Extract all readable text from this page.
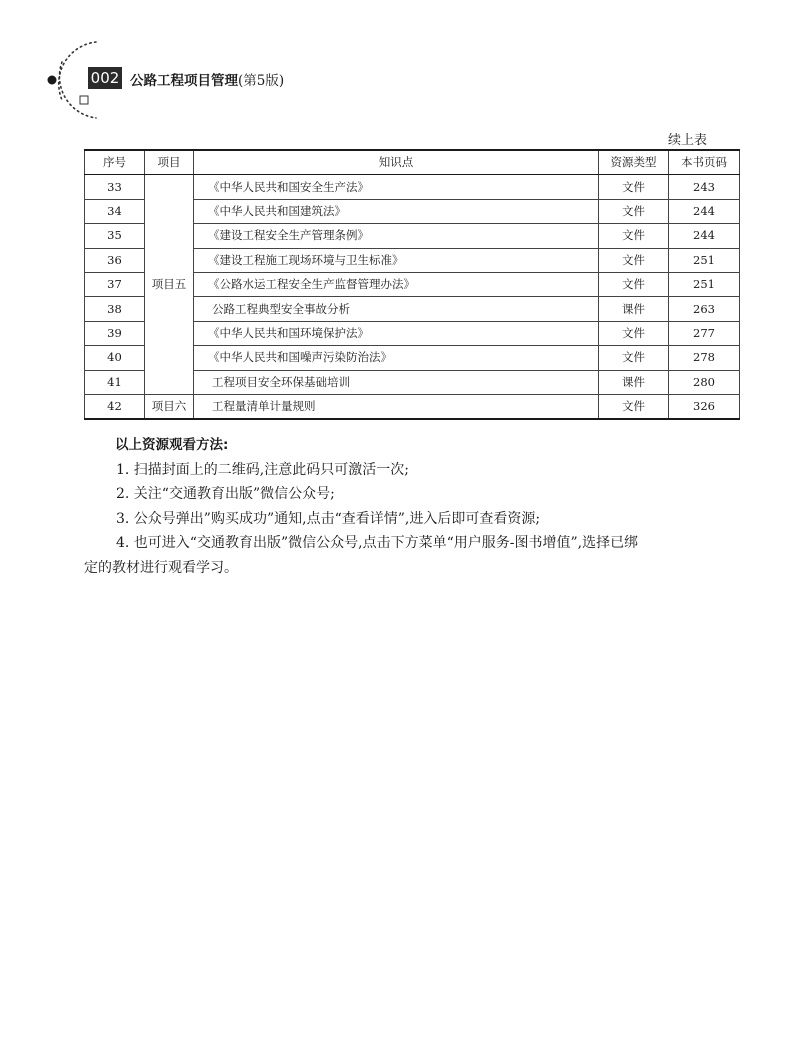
002 公路工程项目管理(第5版)
续上表
序号	项目	知识点	资源类型	本书页码
33	项目五	《中华人民共和国安全生产法》	文件	243
34		《中华人民共和国建筑法》	文件	244
35		《建设工程安全生产管理条例》	文件	244
36		《建设工程施工现场环境与卫生标准》	文件	251
37		《公路水运工程安全生产监督管理办法》	文件	251
38		公路工程典型安全事故分析	课件	263
39		《中华人民共和国环境保护法》	文件	277
40		《中华人民共和国噪声污染防治法》	文件	278
41		工程项目安全环保基础培训	课件	280
42	项目六	工程量清单计量规则	文件	326
以上资源观看方法:
1. 扫描封面上的二维码,注意此码只可激活一次;
2. 关注“交通教育出版”微信公众号;
3. 公众号弹出”购买成功”通知,点击“查看详情”,进入后即可查看资源;
4. 也可进入“交通教育出版”微信公众号,点击下方菜单“用户服务-图书增值”,选择已绑
定的教材进行观看学习。
